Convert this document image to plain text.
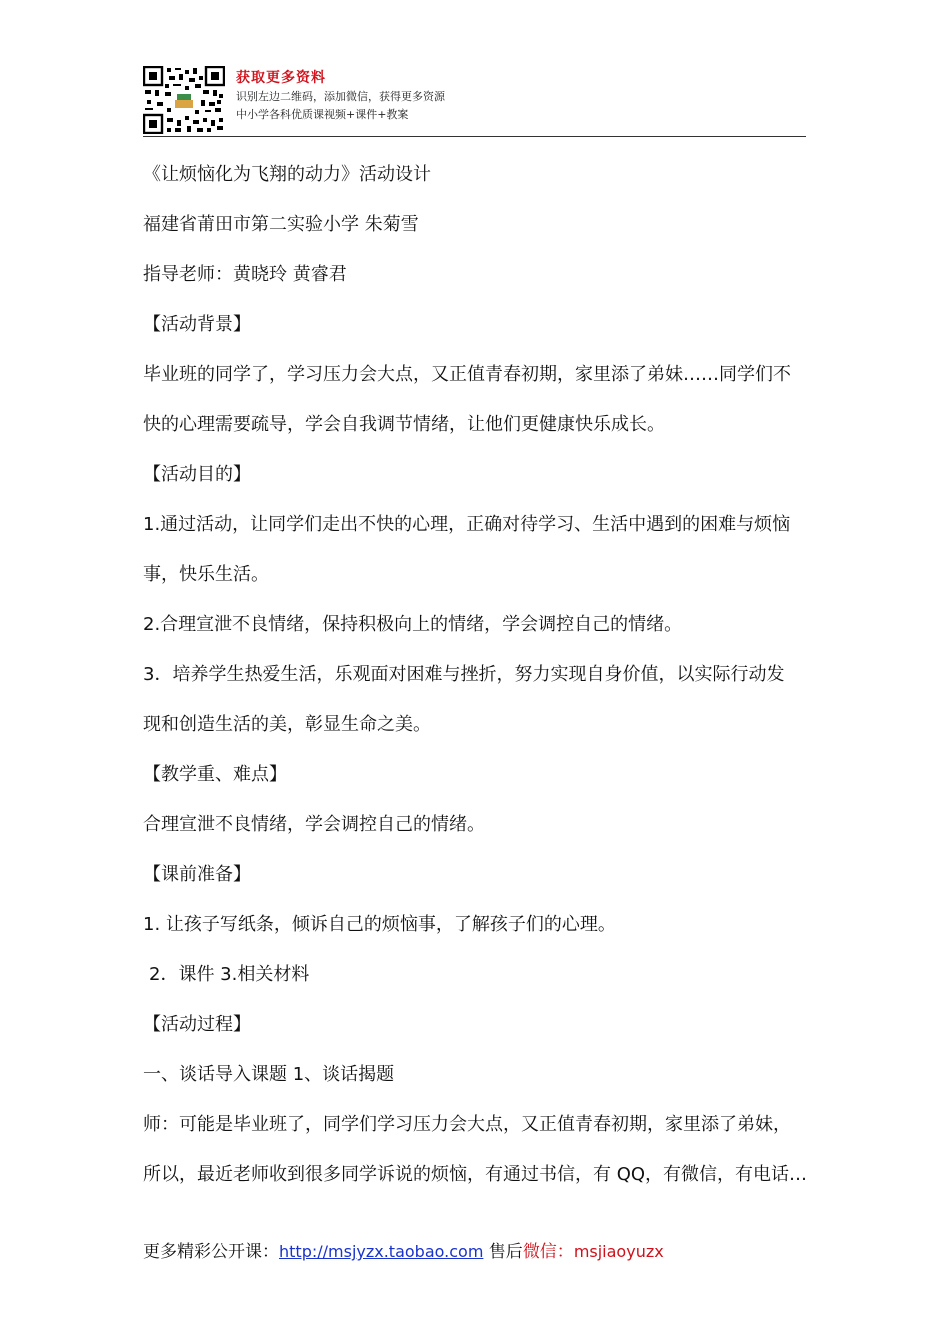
获取更多资料
识别左边二维码，添加微信，获得更多资源
中小学各科优质课视频+课件+教案
《让烦恼化为飞翔的动力》活动设计
福建省莆田市第二实验小学 朱菊雪
指导老师：黄晓玲 黄睿君
【活动背景】
毕业班的同学了，学习压力会大点，又正值青春初期，家里添了弟妹……同学们不
快的心理需要疏导，学会自我调节情绪，让他们更健康快乐成长。
【活动目的】
1.通过活动，让同学们走出不快的心理，正确对待学习、生活中遇到的困难与烦恼
事，快乐生活。
2.合理宣泄不良情绪，保持积极向上的情绪，学会调控自己的情绪。
3．培养学生热爱生活，乐观面对困难与挫折，努力实现自身价值，以实际行动发
现和创造生活的美，彰显生命之美。
【教学重、难点】
合理宣泄不良情绪，学会调控自己的情绪。
【课前准备】
1. 让孩子写纸条，倾诉自己的烦恼事，了解孩子们的心理。
2．课件 3.相关材料
【活动过程】
一、谈话导入课题 1、谈话揭题
师：可能是毕业班了，同学们学习压力会大点，又正值青春初期，家里添了弟妹，
所以，最近老师收到很多同学诉说的烦恼，有通过书信，有 QQ，有微信，有电话…
更多精彩公开课：http://msjyzx.taobao.com 售后微信：msjiaoyuzx
